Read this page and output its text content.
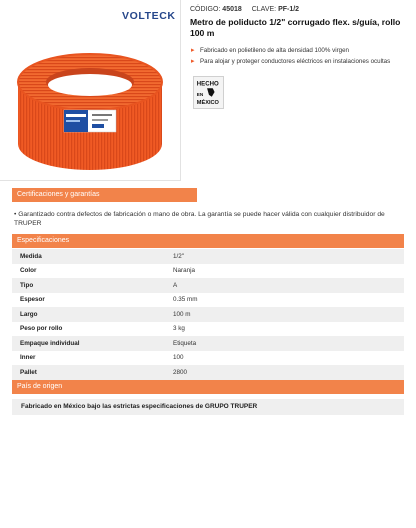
VOLTECK
CÓDIGO: 45018 CLAVE: PF-1/2
Metro de poliducto 1/2" corrugado flex. s/guía, rollo 100 m
▸ Fabricado en polietileno de alta densidad 100% virgen
▸ Para alojar y proteger conductores eléctricos en instalaciones ocultas
HECHO
EN
MÉXICO
Certificaciones y garantías
• Garantizado contra defectos de fabricación o mano de obra. La garantía se puede hacer válida con cualquier distribuidor de TRUPER
Especificaciones
Medida	1/2"
Color	Naranja
Tipo	A
Espesor	0.35 mm
Largo	100 m
Peso por rollo	3 kg
Empaque individual	Etiqueta
Inner	100
Pallet	2800
País de origen
Fabricado en México bajo las estrictas especificaciones de GRUPO TRUPER
